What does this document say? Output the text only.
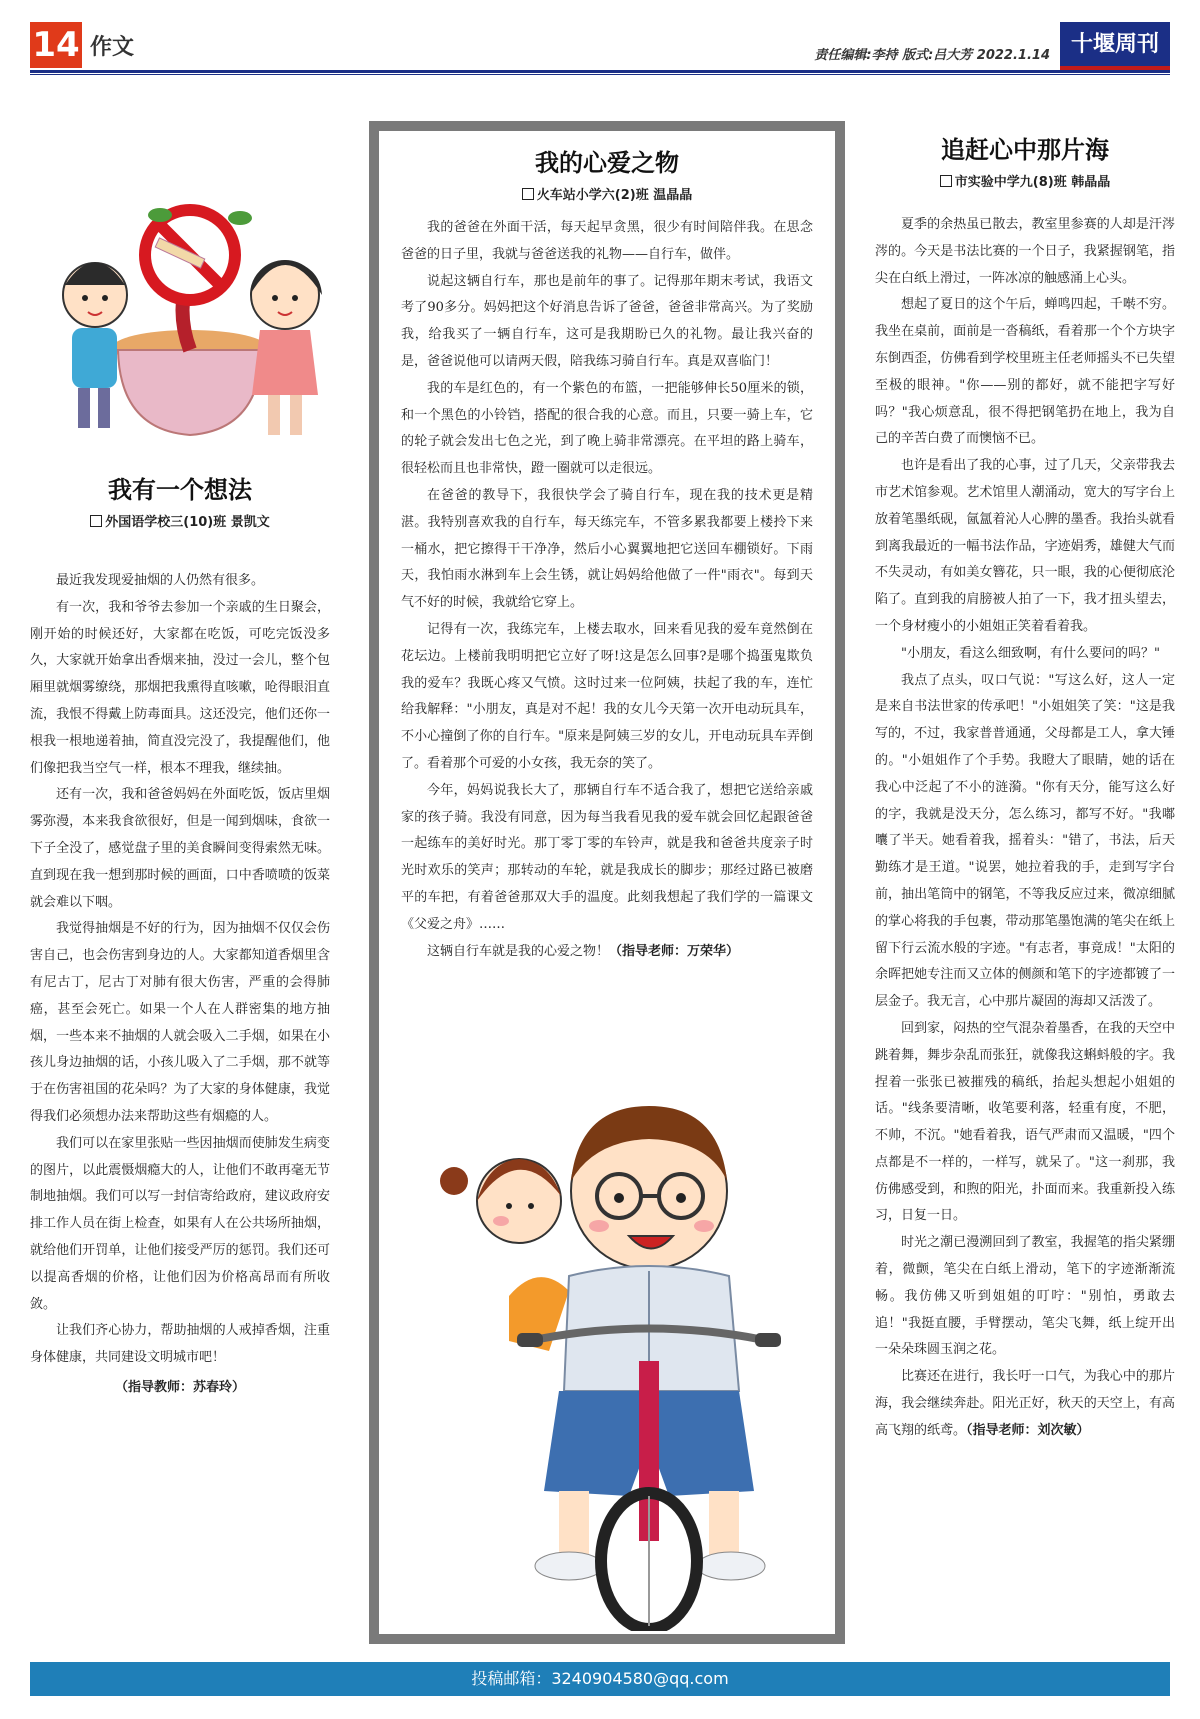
14 作文	责任编辑:李持 版式:吕大芳 2022.1.14 十堰周刊
我有一个想法
外国语学校三(10)班 景凯文

最近我发现爱抽烟的人仍然有很多。

有一次，我和爷爷去参加一个亲戚的生日聚会，刚开始的时候还好，大家都在吃饭，可吃完饭没多久，大家就开始拿出香烟来抽，没过一会儿，整个包厢里就烟雾缭绕，那烟把我熏得直咳嗽，呛得眼泪直流，我恨不得戴上防毒面具。这还没完，他们还你一根我一根地递着抽，简直没完没了，我提醒他们，他们像把我当空气一样，根本不理我，继续抽。

还有一次，我和爸爸妈妈在外面吃饭，饭店里烟雾弥漫，本来我食欲很好，但是一闻到烟味，食欲一下子全没了，感觉盘子里的美食瞬间变得索然无味。直到现在我一想到那时候的画面，口中香喷喷的饭菜就会难以下咽。

我觉得抽烟是不好的行为，因为抽烟不仅仅会伤害自己，也会伤害到身边的人。大家都知道香烟里含有尼古丁，尼古丁对肺有很大伤害，严重的会得肺癌，甚至会死亡。如果一个人在人群密集的地方抽烟，一些本来不抽烟的人就会吸入二手烟，如果在小孩儿身边抽烟的话，小孩儿吸入了二手烟，那不就等于在伤害祖国的花朵吗？为了大家的身体健康，我觉得我们必须想办法来帮助这些有烟瘾的人。

我们可以在家里张贴一些因抽烟而使肺发生病变的图片，以此震慑烟瘾大的人，让他们不敢再毫无节制地抽烟。我们可以写一封信寄给政府，建议政府安排工作人员在街上检查，如果有人在公共场所抽烟，就给他们开罚单，让他们接受严厉的惩罚。我们还可以提高香烟的价格，让他们因为价格高昂而有所收敛。

让我们齐心协力，帮助抽烟的人戒掉香烟，注重身体健康，共同建设文明城市吧！

（指导教师：苏春玲）
我的心爱之物
火车站小学六(2)班 温晶晶

我的爸爸在外面干活，每天起早贪黑，很少有时间陪伴我。在思念爸爸的日子里，我就与爸爸送我的礼物——自行车，做伴。

说起这辆自行车，那也是前年的事了。记得那年期末考试，我语文考了90多分。妈妈把这个好消息告诉了爸爸，爸爸非常高兴。为了奖励我，给我买了一辆自行车，这可是我期盼已久的礼物。最让我兴奋的是，爸爸说他可以请两天假，陪我练习骑自行车。真是双喜临门！

我的车是红色的，有一个紫色的布篮，一把能够伸长50厘米的锁，和一个黑色的小铃铛，搭配的很合我的心意。而且，只要一骑上车，它的轮子就会发出七色之光，到了晚上骑非常漂亮。在平坦的路上骑车，很轻松而且也非常快，蹬一圈就可以走很远。

在爸爸的教导下，我很快学会了骑自行车，现在我的技术更是精湛。我特别喜欢我的自行车，每天练完车，不管多累我都要上楼拎下来一桶水，把它擦得干干净净，然后小心翼翼地把它送回车棚锁好。下雨天，我怕雨水淋到车上会生锈，就让妈妈给他做了一件"雨衣"。每到天气不好的时候，我就给它穿上。

记得有一次，我练完车，上楼去取水，回来看见我的爱车竟然倒在花坛边。上楼前我明明把它立好了呀!这是怎么回事?是哪个捣蛋鬼欺负我的爱车？我既心疼又气愤。这时过来一位阿姨，扶起了我的车，连忙给我解释："小朋友，真是对不起！我的女儿今天第一次开电动玩具车，不小心撞倒了你的自行车。"原来是阿姨三岁的女儿，开电动玩具车弄倒了。看着那个可爱的小女孩，我无奈的笑了。

今年，妈妈说我长大了，那辆自行车不适合我了，想把它送给亲戚家的孩子骑。我没有同意，因为每当我看见我的爱车就会回忆起跟爸爸一起练车的美好时光。那丁零丁零的车铃声，就是我和爸爸共度亲子时光时欢乐的笑声；那转动的车轮，就是我成长的脚步；那经过路已被磨平的车把，有着爸爸那双大手的温度。此刻我想起了我们学的一篇课文《父爱之舟》……

这辆自行车就是我的心爱之物！（指导老师：万荣华）

追赶心中那片海
市实验中学九(8)班 韩晶晶

夏季的余热虽已散去，教室里参赛的人却是汗涔涔的。今天是书法比赛的一个日子，我紧握钢笔，指尖在白纸上滑过，一阵冰凉的触感涌上心头。

想起了夏日的这个午后，蝉鸣四起，千啭不穷。我坐在桌前，面前是一沓稿纸，看着那一个个方块字东倒西歪，仿佛看到学校里班主任老师摇头不已失望至极的眼神。"你——别的都好，就不能把字写好吗？"我心烦意乱，很不得把钢笔扔在地上，我为自己的辛苦白费了而懊恼不已。

也许是看出了我的心事，过了几天，父亲带我去市艺术馆参观。艺术馆里人潮涌动，宽大的写字台上放着笔墨纸砚，氤氲着沁人心脾的墨香。我抬头就看到离我最近的一幅书法作品，字迹娟秀，雄健大气而不失灵动，有如美女簪花，只一眼，我的心便彻底沦陷了。直到我的肩膀被人拍了一下，我才扭头望去，一个身材瘦小的小姐姐正笑着看着我。

"小朋友，看这么细致啊，有什么要问的吗？"

我点了点头，叹口气说："写这么好，这人一定是来自书法世家的传承吧！"小姐姐笑了笑："这是我写的，不过，我家普普通通，父母都是工人，拿大锤的。"小姐姐作了个手势。我瞪大了眼睛，她的话在我心中泛起了不小的涟漪。"你有天分，能写这么好的字，我就是没天分，怎么练习，都写不好。"我嘟囔了半天。她看着我，摇着头："错了，书法，后天勤练才是王道。"说罢，她拉着我的手，走到写字台前，抽出笔筒中的钢笔，不等我反应过来，微凉细腻的掌心将我的手包裹，带动那笔墨饱满的笔尖在纸上留下行云流水般的字迹。"有志者，事竟成！"太阳的余晖把她专注而又立体的侧颜和笔下的字迹都镀了一层金子。我无言，心中那片凝固的海却又活泼了。

回到家，闷热的空气混杂着墨香，在我的天空中跳着舞，舞步杂乱而张狂，就像我这蝌蚪般的字。我捏着一张张已被摧残的稿纸，抬起头想起小姐姐的话。"线条要清晰，收笔要利落，轻重有度，不肥，不帅，不沉。"她看着我，语气严肃而又温暖，"四个点都是不一样的，一样写，就呆了。"这一刹那，我仿佛感受到，和煦的阳光，扑面而来。我重新投入练习，日复一日。

时光之潮已漫溯回到了教室，我握笔的指尖紧绷着，微颤，笔尖在白纸上滑动，笔下的字迹渐渐流畅。我仿佛又听到姐姐的叮咛："别怕，勇敢去追！"我挺直腰，手臂摆动，笔尖飞舞，纸上绽开出一朵朵珠圆玉润之花。

比赛还在进行，我长吁一口气，为我心中的那片海，我会继续奔赴。阳光正好，秋天的天空上，有高高飞翔的纸鸢。（指导老师：刘次敏）

投稿邮箱：3240904580@qq.com
